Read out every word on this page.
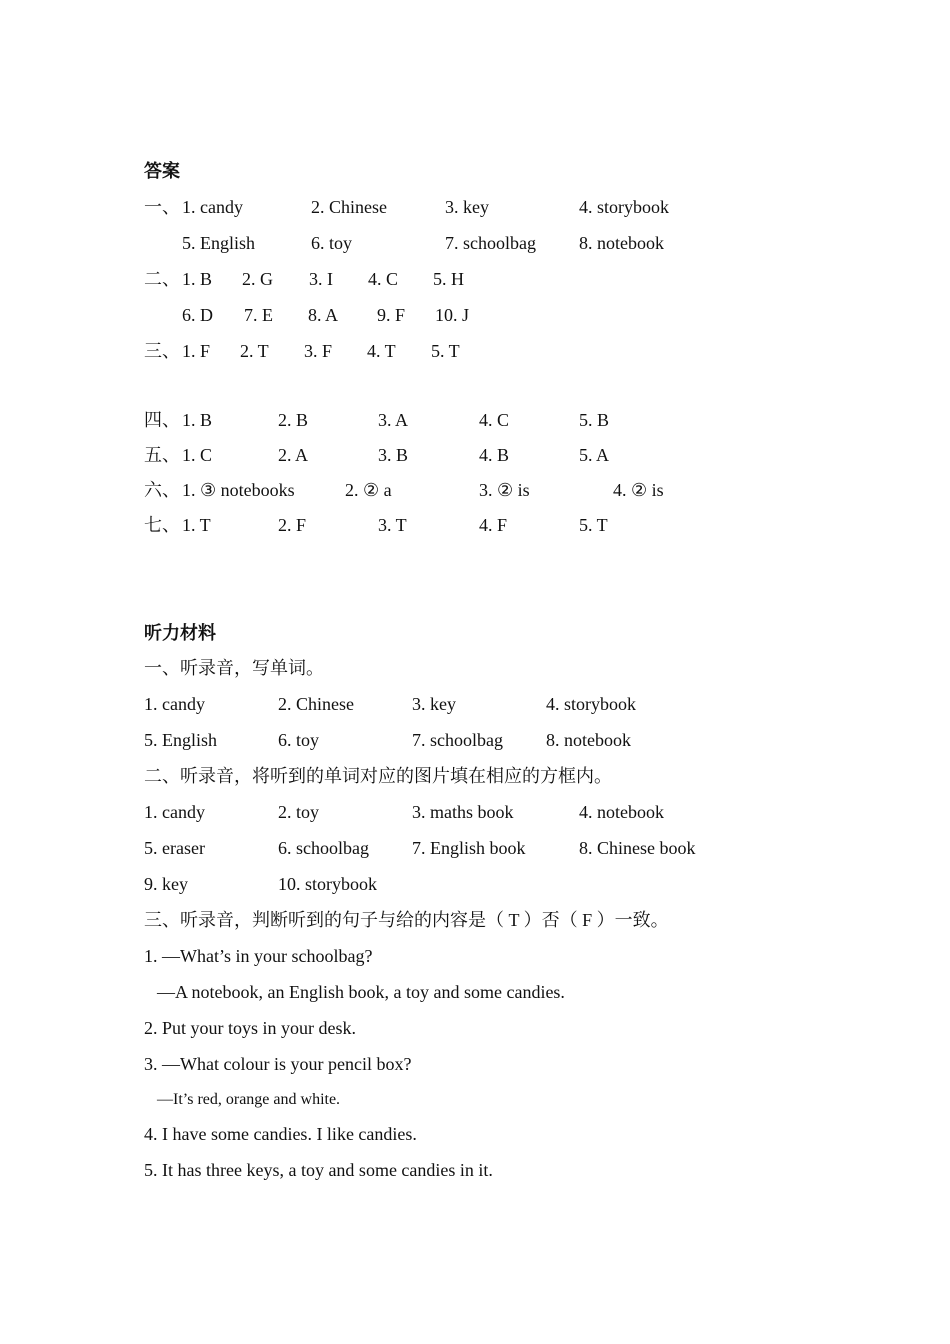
答案
一、 1. candy	2. Chinese	3. key	4. storybook
5. English	6. toy	7. schoolbag 8. notebook
二、 1. B 2. G 3. I 4. C 5. H
6. D 7. E 8. A 9. F 10. J
三、 1. F 2. T 3. F 4. T 5. T
四、 1. B	2. B	3. A	4. C	5. B
五、 1. C	2. A	3. B	4. B	5. A
六、 1. ③ notebooks	2. ② a	3. ② is	4. ② is
七、 1. T	2. F	3. T	4. F	5. T
听力材料
一、听录音，写单词。
1. candy	2. Chinese	3. key	4. storybook
5. English	6. toy	7. schoolbag 8. notebook
二、听录音，将听到的单词对应的图片填在相应的方框内。
1. candy	2. toy	3. maths book	4. notebook
5. eraser	6. schoolbag 7. English book	8. Chinese book
9. key	10. storybook
三、听录音，判断听到的句子与给的内容是（ T ）否（ F ）一致。
1. —What’s in your schoolbag?
—A notebook, an English book, a toy and some candies.
2. Put your toys in your desk.
3. —What colour is your pencil box?
—It’s red, orange and white.
4. I have some candies. I like candies.
5. It has three keys, a toy and some candies in it.
